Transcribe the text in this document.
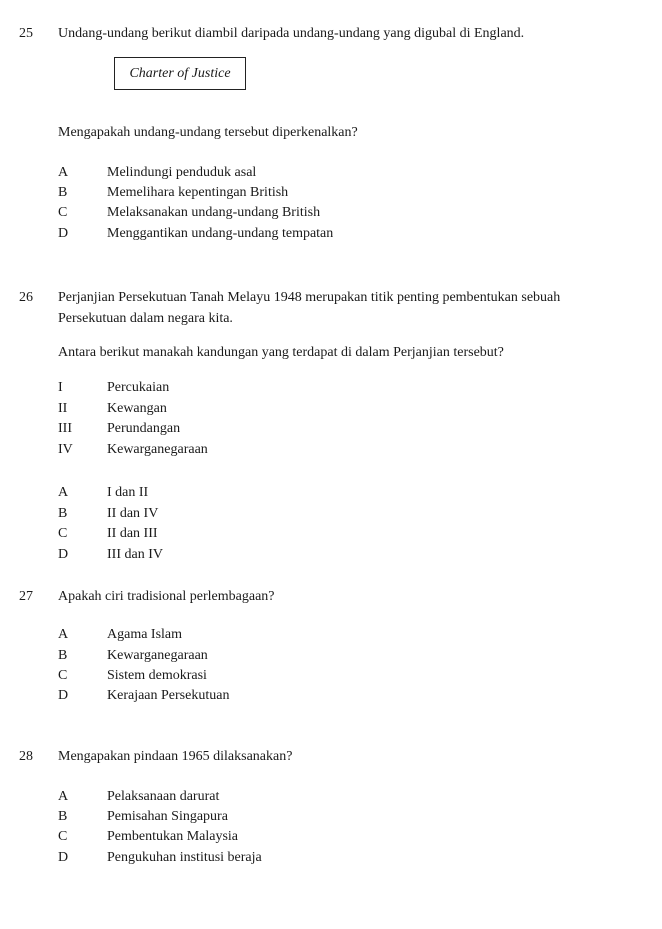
25 Undang-undang berikut diambil daripada undang-undang yang digubal di England.
Charter of Justice
Mengapakah undang-undang tersebut diperkenalkan?
A	Melindungi penduduk asal
B	Memelihara kepentingan British
C	Melaksanakan undang-undang British
D	Menggantikan undang-undang tempatan
26 Perjanjian Persekutuan Tanah Melayu 1948 merupakan titik penting pembentukan sebuah
Persekutuan dalam negara kita.
Antara berikut manakah kandungan yang terdapat di dalam Perjanjian tersebut?
I	Percukaian
II	Kewangan
III	Perundangan
IV Kewarganegaraan
A	I dan II
B	II dan IV
C	II dan III
D	III dan IV
27 Apakah ciri tradisional perlembagaan?
A	Agama Islam
B	Kewarganegaraan
C	Sistem demokrasi
D	Kerajaan Persekutuan
28 Mengapakan pindaan 1965 dilaksanakan?
A	Pelaksanaan darurat
B	Pemisahan Singapura
C	Pembentukan Malaysia
D	Pengukuhan institusi beraja
